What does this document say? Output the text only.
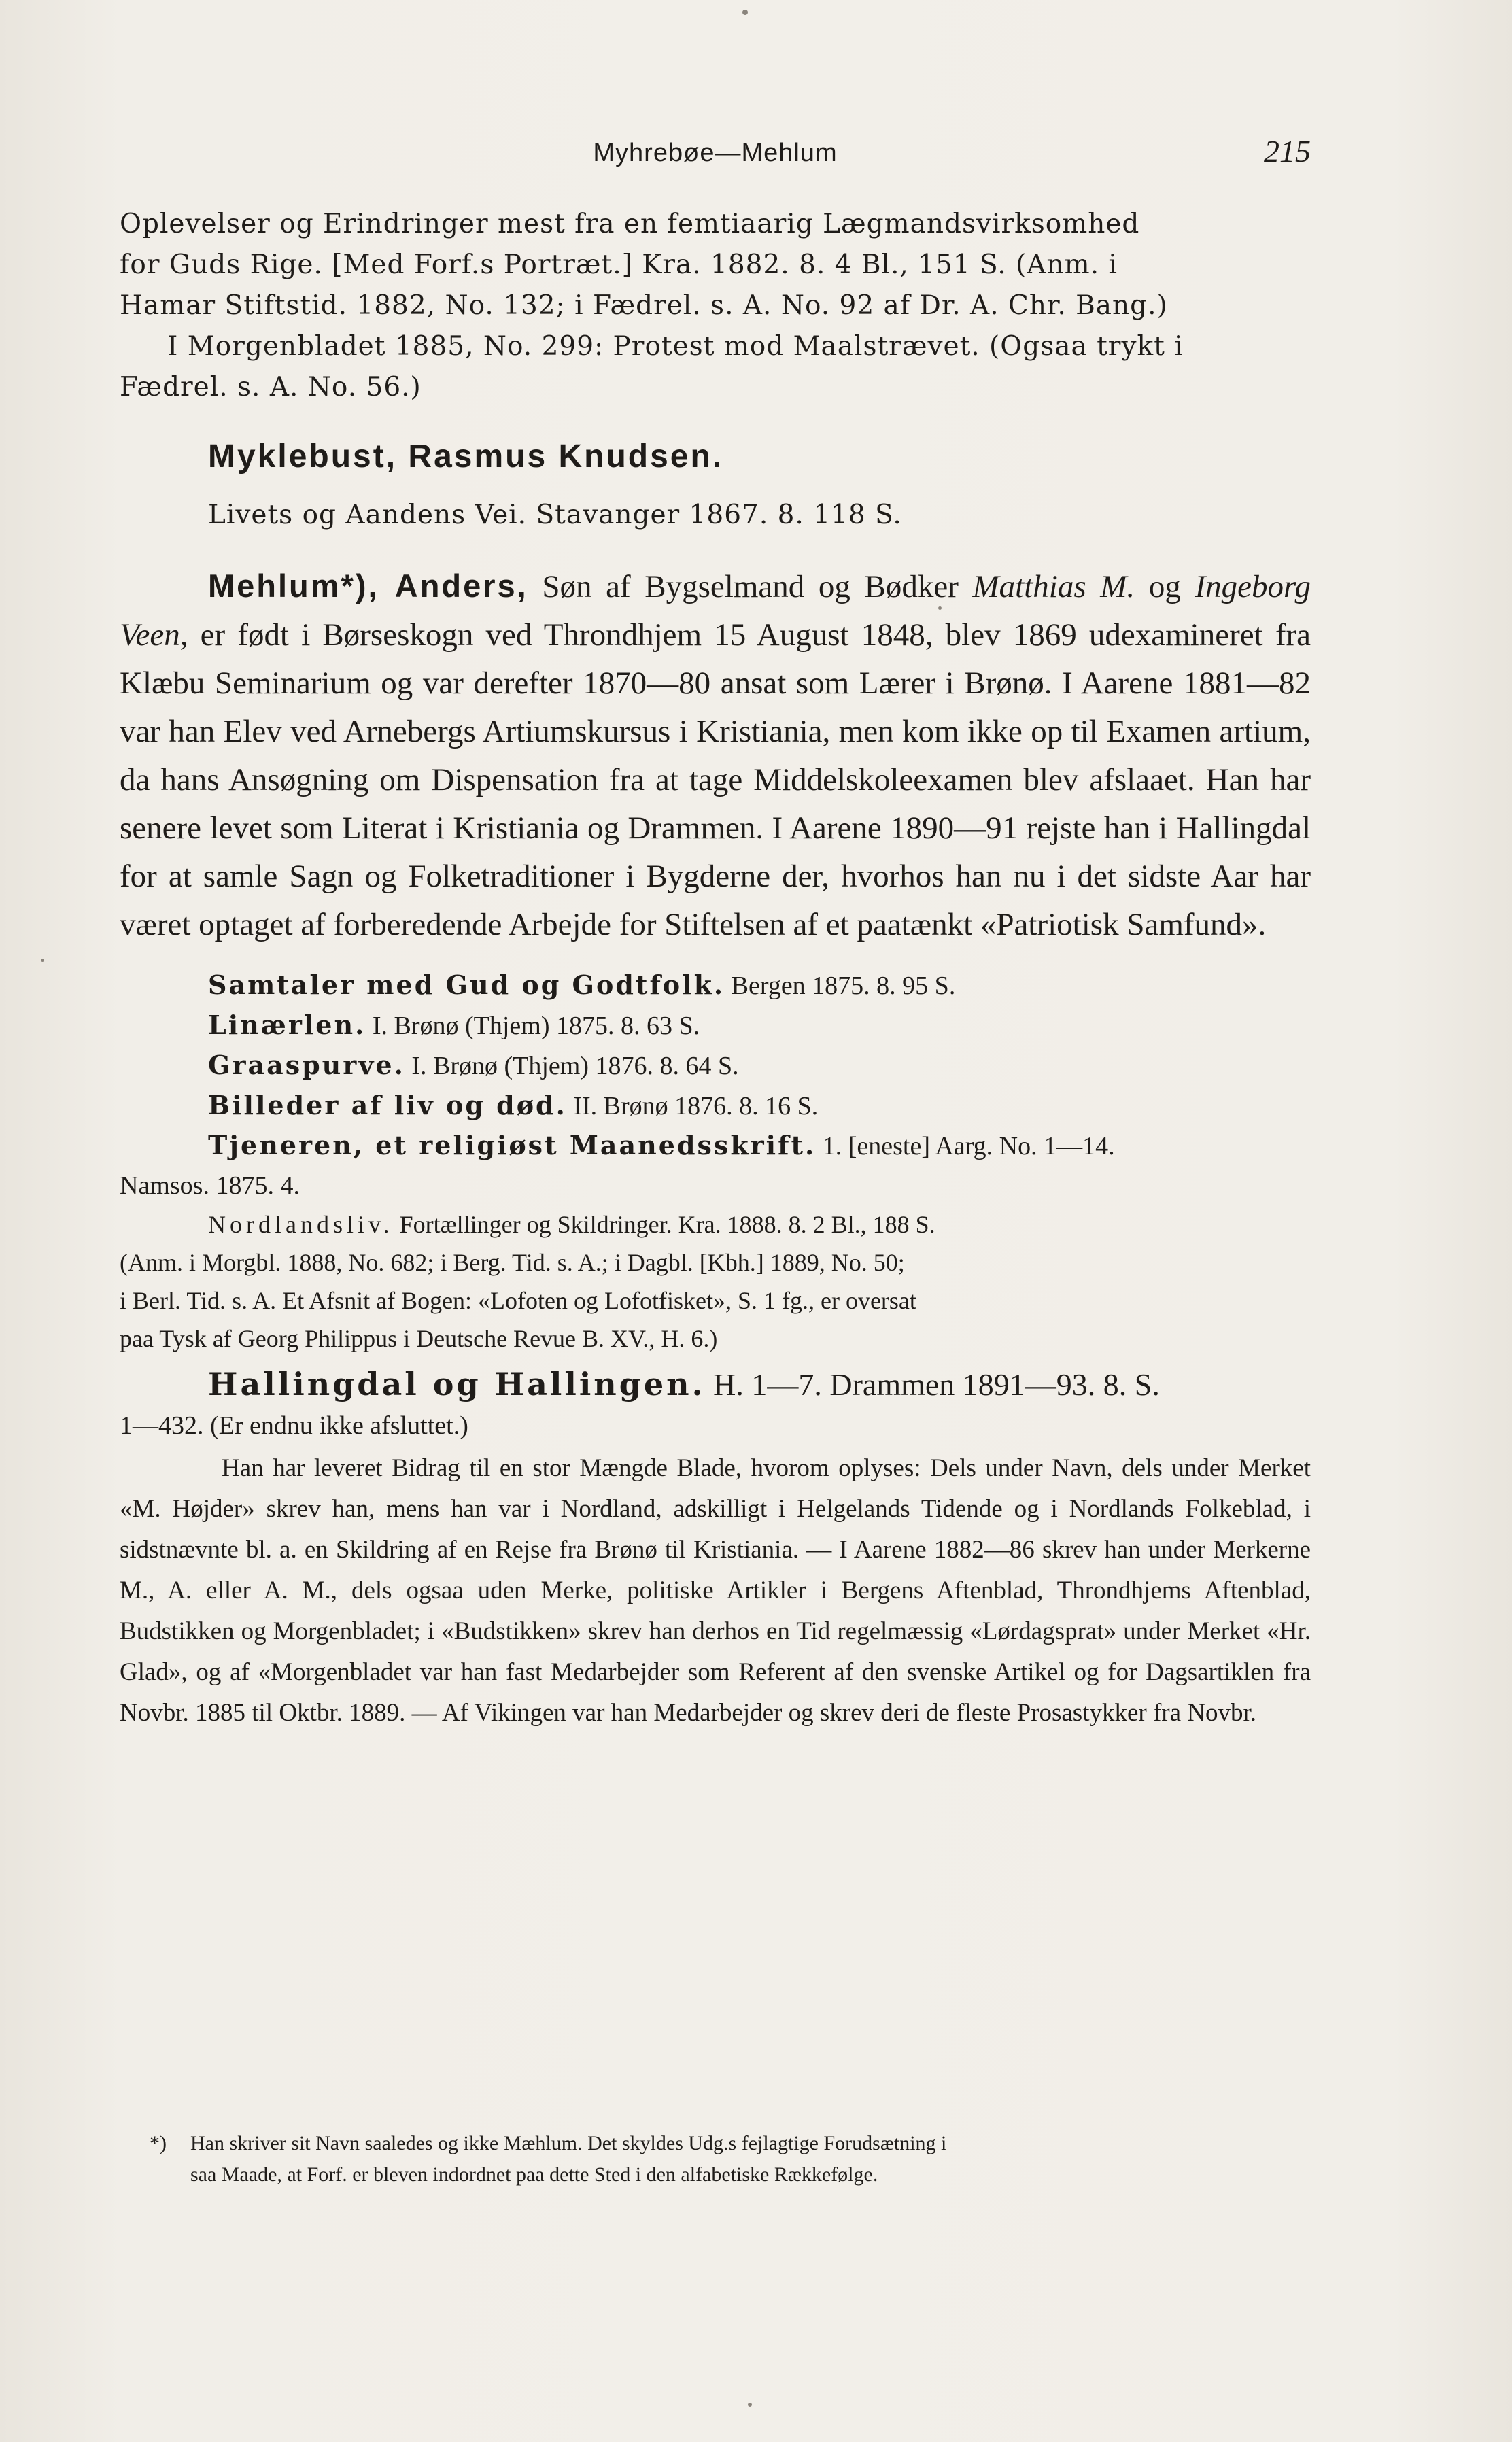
Myhrebøe—Mehlum	215

Oplevelser og Erindringer mest fra en femtiaarig Lægmandsvirksomhed

for Guds Rige. [Med Forf.s Portræt.] Kra. 1882. 8. 4 Bl., 151 S. (Anm. i

Hamar Stiftstid. 1882, No. 132; i Fædrel. s. A. No. 92 af Dr. A. Chr. Bang.)

I Morgenbladet 1885, No. 299: Protest mod Maalstrævet. (Ogsaa trykt i

Fædrel. s. A. No. 56.)

Myklebust, Rasmus Knudsen.

Livets og Aandens Vei. Stavanger 1867. 8. 118 S.

Mehlum*), Anders, Søn af Bygselmand og Bødker Matthias M. og Ingeborg Veen, er født i Børseskogn ved Throndhjem 15 August 1848, blev 1869 udexamineret fra Klæbu Seminarium og var derefter 1870—80 ansat som Lærer i Brønø. I Aarene 1881—82 var han Elev ved Arnebergs Artiumskursus i Kristiania, men kom ikke op til Examen artium, da hans Ansøgning om Dispensation fra at tage Middelskoleexamen blev afslaaet. Han har senere levet som Literat i Kristiania og Drammen. I Aarene 1890—91 rejste han i Hallingdal for at samle Sagn og Folketraditioner i Bygderne der, hvorhos han nu i det sidste Aar har været optaget af forberedende Arbejde for Stiftelsen af et paatænkt «Patriotisk Samfund».

Samtaler med Gud og Godtfolk. Bergen 1875. 8. 95 S.

Linærlen. I. Brønø (Thjem) 1875. 8. 63 S.

Graaspurve. I. Brønø (Thjem) 1876. 8. 64 S.

Billeder af liv og død. II. Brønø 1876. 8. 16 S.

Tjeneren, et religiøst Maanedsskrift. 1. [eneste] Aarg. No. 1—14.

Namsos. 1875. 4.

Nordlandsliv. Fortællinger og Skildringer. Kra. 1888. 8. 2 Bl., 188 S.

(Anm. i Morgbl. 1888, No. 682; i Berg. Tid. s. A.; i Dagbl. [Kbh.] 1889, No. 50;

i Berl. Tid. s. A. Et Afsnit af Bogen: «Lofoten og Lofotfisket», S. 1 fg., er oversat

paa Tysk af Georg Philippus i Deutsche Revue B. XV., H. 6.)

Hallingdal og Hallingen. H. 1—7. Drammen 1891—93. 8. S.

1—432. (Er endnu ikke afsluttet.)

Han har leveret Bidrag til en stor Mængde Blade, hvorom oplyses: Dels under Navn, dels under Merket «M. Højder» skrev han, mens han var i Nordland, adskilligt i Helgelands Tidende og i Nordlands Folkeblad, i sidstnævnte bl. a. en Skildring af en Rejse fra Brønø til Kristiania. — I Aarene 1882—86 skrev han under Merkerne M., A. eller A. M., dels ogsaa uden Merke, politiske Artikler i Bergens Aftenblad, Throndhjems Aftenblad, Budstikken og Morgenbladet; i «Budstikken» skrev han derhos en Tid regelmæssig «Lørdagsprat» under Merket «Hr. Glad», og af «Morgenbladet var han fast Medarbejder som Referent af den svenske Artikel og for Dagsartiklen fra Novbr. 1885 til Oktbr. 1889. — Af Vikingen var han Medarbejder og skrev deri de fleste Prosastykker fra Novbr.

*) Han skriver sit Navn saaledes og ikke Mæhlum. Det skyldes Udg.s fejlagtige Forudsætning i
saa Maade, at Forf. er bleven indordnet paa dette Sted i den alfabetiske Rækkefølge.
